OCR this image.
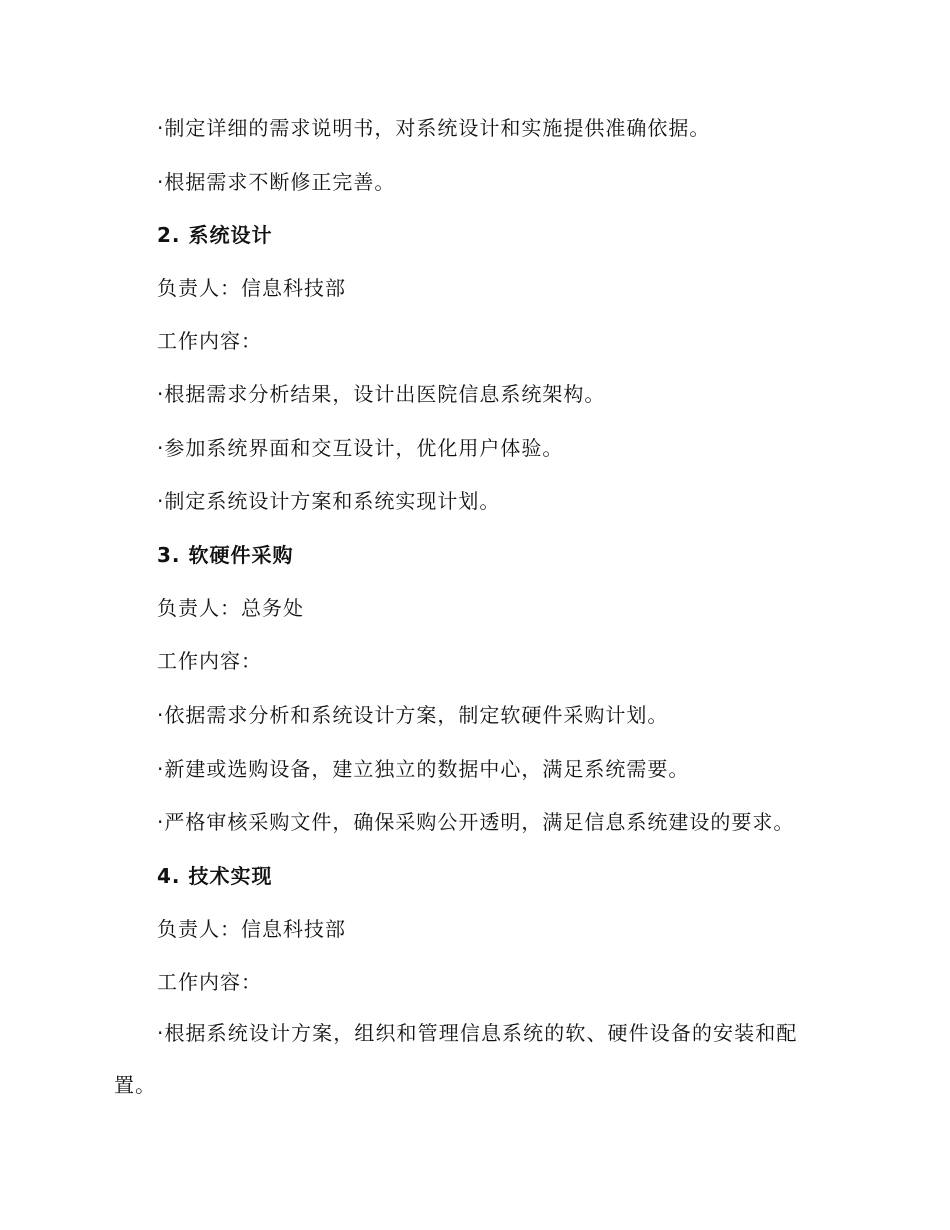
·制定详细的需求说明书，对系统设计和实施提供准确依据。
·根据需求不断修正完善。
2. 系统设计
负责人：信息科技部
工作内容：
·根据需求分析结果，设计出医院信息系统架构。
·参加系统界面和交互设计，优化用户体验。
·制定系统设计方案和系统实现计划。
3. 软硬件采购
负责人：总务处
工作内容：
·依据需求分析和系统设计方案，制定软硬件采购计划。
·新建或选购设备，建立独立的数据中心，满足系统需要。
·严格审核采购文件，确保采购公开透明，满足信息系统建设的要求。
4. 技术实现
负责人：信息科技部
工作内容：
·根据系统设计方案，组织和管理信息系统的软、硬件设备的安装和配置。
